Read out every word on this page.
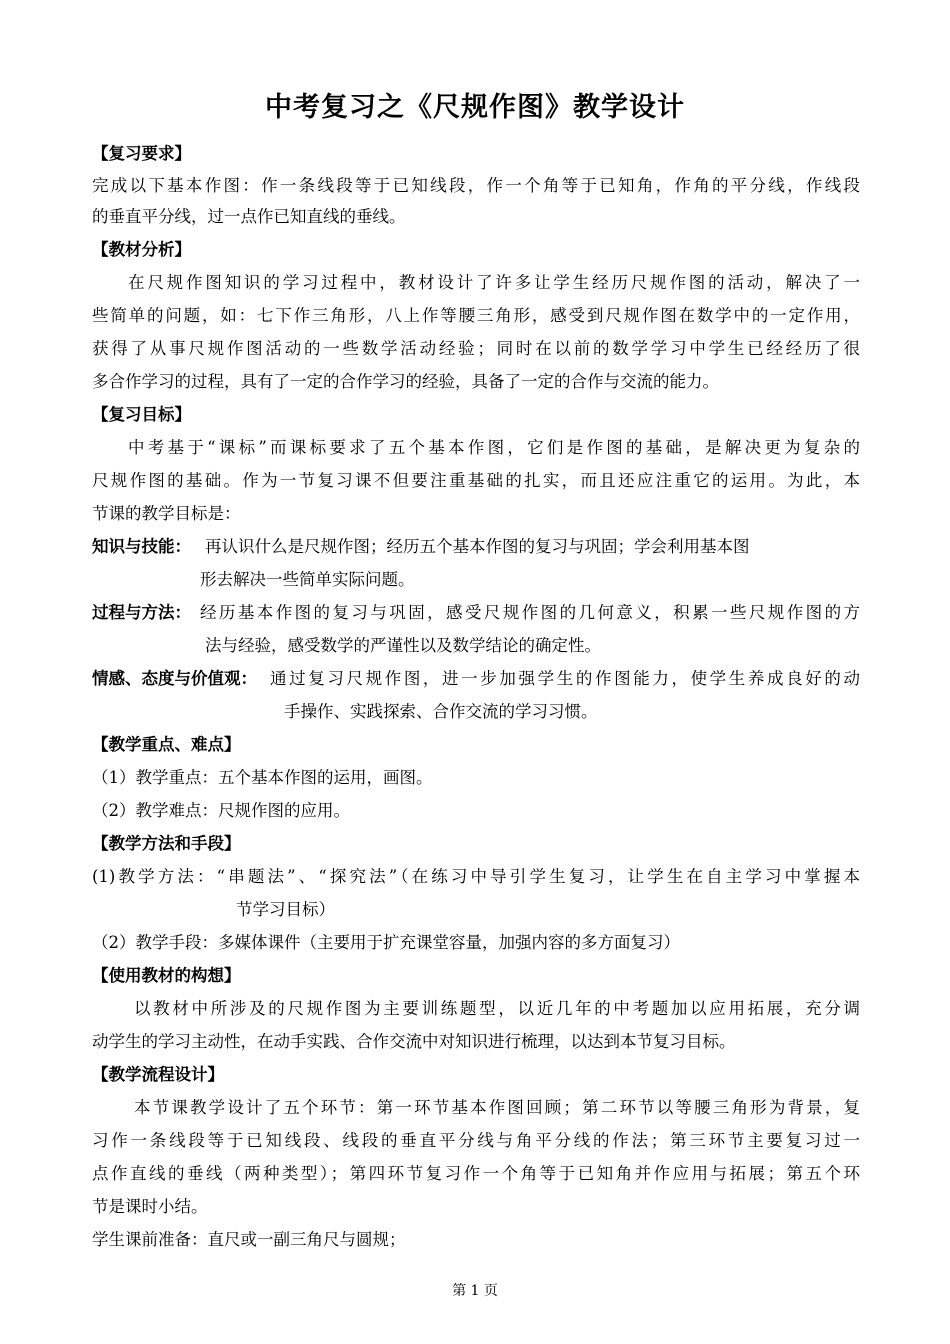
中考复习之《尺规作图》教学设计
【复习要求】
完成以下基本作图：作一条线段等于已知线段，作一个角等于已知角，作角的平分线，作线段
的垂直平分线，过一点作已知直线的垂线。
【教材分析】
在尺规作图知识的学习过程中，教材设计了许多让学生经历尺规作图的活动，解决了一
些简单的问题，如：七下作三角形，八上作等腰三角形，感受到尺规作图在数学中的一定作用，
获得了从事尺规作图活动的一些数学活动经验；同时在以前的数学学习中学生已经经历了很
多合作学习的过程，具有了一定的合作学习的经验，具备了一定的合作与交流的能力。
【复习目标】
中考基于“课标”而课标要求了五个基本作图，它们是作图的基础，是解决更为复杂的
尺规作图的基础。作为一节复习课不但要注重基础的扎实，而且还应注重它的运用。为此，本
节课的教学目标是：
知识与技能： 再认识什么是尺规作图；经历五个基本作图的复习与巩固；学会利用基本图
形去解决一些简单实际问题。
过程与方法： 经历基本作图的复习与巩固，感受尺规作图的几何意义，积累一些尺规作图的方
法与经验，感受数学的严谨性以及数学结论的确定性。
情感、态度与价值观： 通过复习尺规作图，进一步加强学生的作图能力，使学生养成良好的动
手操作、实践探索、合作交流的学习习惯。
【教学重点、难点】
（1）教学重点：五个基本作图的运用，画图。
（2）教学难点：尺规作图的应用。
【教学方法和手段】
(1)教学方法：“串题法”、“探究法”（在练习中导引学生复习，让学生在自主学习中掌握本
节学习目标）
（2）教学手段：多媒体课件（主要用于扩充课堂容量，加强内容的多方面复习）
【使用教材的构想】
以教材中所涉及的尺规作图为主要训练题型，以近几年的中考题加以应用拓展，充分调
动学生的学习主动性，在动手实践、合作交流中对知识进行梳理，以达到本节复习目标。
【教学流程设计】
本节课教学设计了五个环节：第一环节基本作图回顾；第二环节以等腰三角形为背景，复
习作一条线段等于已知线段、线段的垂直平分线与角平分线的作法；第三环节主要复习过一
点作直线的垂线（两种类型）；第四环节复习作一个角等于已知角并作应用与拓展；第五个环
节是课时小结。
学生课前准备：直尺或一副三角尺与圆规；
第 1 页
